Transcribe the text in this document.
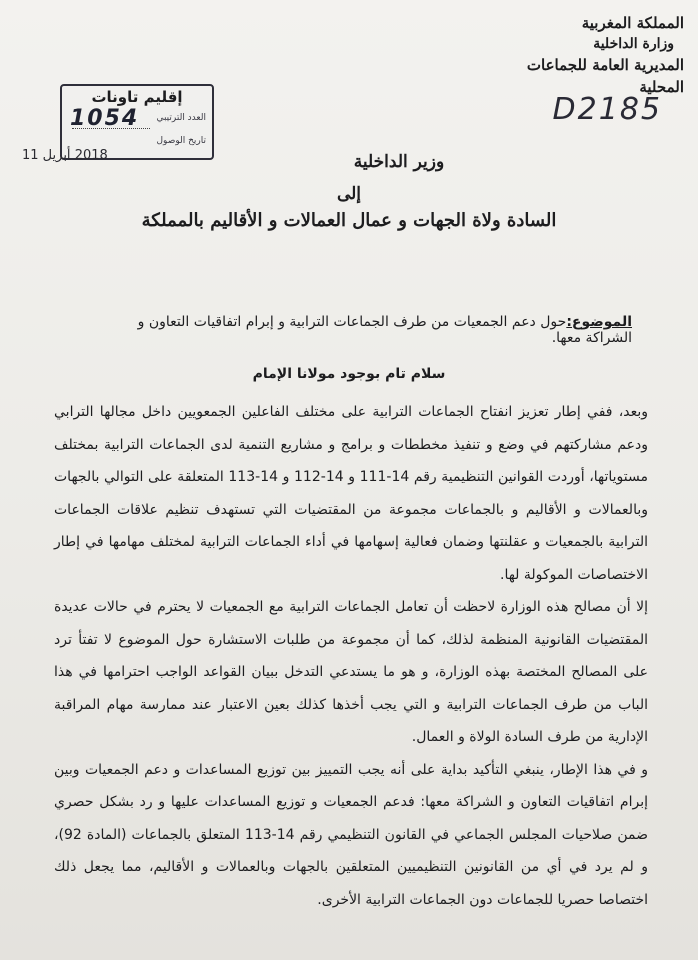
المملكة المغربية
وزارة الداخلية
المديرية العامة للجماعات المحلية
D2185
إقليم تاونات
العدد الترتيبي
1054
تاريخ الوصول
2018 أبريل 11	وزير الداخلية
إلى
السادة ولاة الجهات و عمال العمالات و الأقاليم بالمملكة
الموضوع:حول دعم الجمعيات من طرف الجماعات الترابية و إبرام اتفاقيات التعاون و الشراكة معها.
سلام تام بوجود مولانا الإمام

وبعد، ففي إطار تعزيز انفتاح الجماعات الترابية على مختلف الفاعلين الجمعويين داخل مجالها الترابي ودعم مشاركتهم في وضع و تنفيذ مخططات و برامج و مشاريع التنمية لدى الجماعات الترابية بمختلف مستوياتها، أوردت القوانين التنظيمية رقم 14-111 و 14-112 و 14-113 المتعلقة على التوالي بالجهات وبالعمالات و الأقاليم و بالجماعات مجموعة من المقتضيات التي تستهدف تنظيم علاقات الجماعات الترابية بالجمعيات و عقلنتها وضمان فعالية إسهامها في أداء الجماعات الترابية لمختلف مهامها في إطار الاختصاصات الموكولة لها.

إلا أن مصالح هذه الوزارة لاحظت أن تعامل الجماعات الترابية مع الجمعيات لا يحترم في حالات عديدة المقتضيات القانونية المنظمة لذلك، كما أن مجموعة من طلبات الاستشارة حول الموضوع لا تفتأ ترد على المصالح المختصة بهذه الوزارة، و هو ما يستدعي التدخل ببيان القواعد الواجب احترامها في هذا الباب من طرف الجماعات الترابية و التي يجب أخذها كذلك بعين الاعتبار عند ممارسة مهام المراقبة الإدارية من طرف السادة الولاة و العمال.

و في هذا الإطار، ينبغي التأكيد بداية على أنه يجب التمييز بين توزيع المساعدات و دعم الجمعيات وبين إبرام اتفاقيات التعاون و الشراكة معها: فدعم الجمعيات و توزيع المساعدات عليها و رد بشكل حصري ضمن صلاحيات المجلس الجماعي في القانون التنظيمي رقم 14-113 المتعلق بالجماعات (المادة 92)، و لم يرد في أي من القانونين التنظيميين المتعلقين بالجهات وبالعمالات و الأقاليم، مما يجعل ذلك اختصاصا حصريا للجماعات دون الجماعات الترابية الأخرى.
